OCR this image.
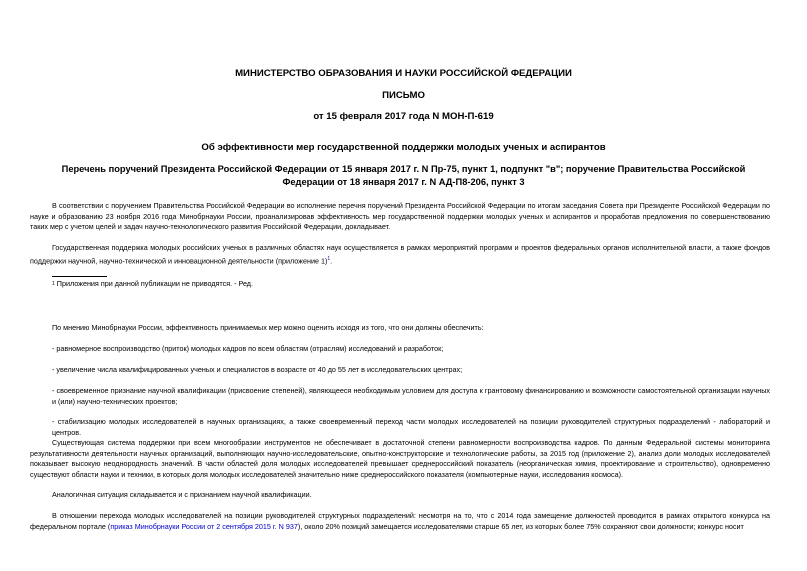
МИНИСТЕРСТВО ОБРАЗОВАНИЯ И НАУКИ РОССИЙСКОЙ ФЕДЕРАЦИИ

ПИСЬМО

от 15 февраля 2017 года N МОН-П-619

Об эффективности мер государственной поддержки молодых ученых и аспирантов

Перечень поручений Президента Российской Федерации от 15 января 2017 г. N Пр-75, пункт 1, подпункт "в"; поручение Правительства Российской Федерации от 18 января 2017 г. N АД-П8-206, пункт 3

В соответствии с поручением Правительства Российской Федерации во исполнение перечня поручений Президента Российской Федерации по итогам заседания Совета при Президенте Российской Федерации по науке и образованию 23 ноября 2016 года Минобрнауки России, проанализировав эффективность мер государственной поддержки молодых ученых и аспирантов и проработав предложения по совершенствованию таких мер с учетом целей и задач научно-технологического развития Российской Федерации, докладывает.

Государственная поддержка молодых российских ученых в различных областях наук осуществляется в рамках мероприятий программ и проектов федеральных органов исполнительной власти, а также фондов поддержки научной, научно-технической и инновационной деятельности (приложение 1)$^1$.

$^1$ Приложения при данной публикации не приводятся. - Ред.

По мнению Минобрнауки России, эффективность принимаемых мер можно оценить исходя из того, что они должны обеспечить:

- равномерное воспроизводство (приток) молодых кадров по всем областям (отраслям) исследований и разработок;

- увеличение числа квалифицированных ученых и специалистов в возрасте от 40 до 55 лет в исследовательских центрах;

- своевременное признание научной квалификации (присвоение степеней), являющееся необходимым условием для доступа к грантовому финансированию и возможности самостоятельной организации научных и (или) научно-технических проектов;

- стабилизацию молодых исследователей в научных организациях, а также своевременный переход части молодых исследователей на позиции руководителей структурных подразделений - лабораторий и центров.

Существующая система поддержки при всем многообразии инструментов не обеспечивает в достаточной степени равномерности воспроизводства кадров. По данным Федеральной системы мониторинга результативности деятельности научных организаций, выполняющих научно-исследовательские, опытно-конструкторские и технологические работы, за 2015 год (приложение 2), анализ доли молодых исследователей показывает высокую неоднородность значений. В части областей доля молодых исследователей превышает среднероссийский показатель (неорганическая химия, проектирование и строительство), одновременно существуют области науки и техники, в которых доля молодых исследователей значительно ниже среднероссийского показателя (компьютерные науки, исследования космоса).

Аналогичная ситуация складывается и с признанием научной квалификации.

В отношении перехода молодых исследователей на позиции руководителей структурных подразделений: несмотря на то, что с 2014 года замещение должностей проводится в рамках открытого конкурса на федеральном портале (приказ Минобрнауки России от 2 сентября 2015 г. N 937), около 20% позиций замещается исследователями старше 65 лет, из которых более 75% сохраняют свои должности; конкурс носит
